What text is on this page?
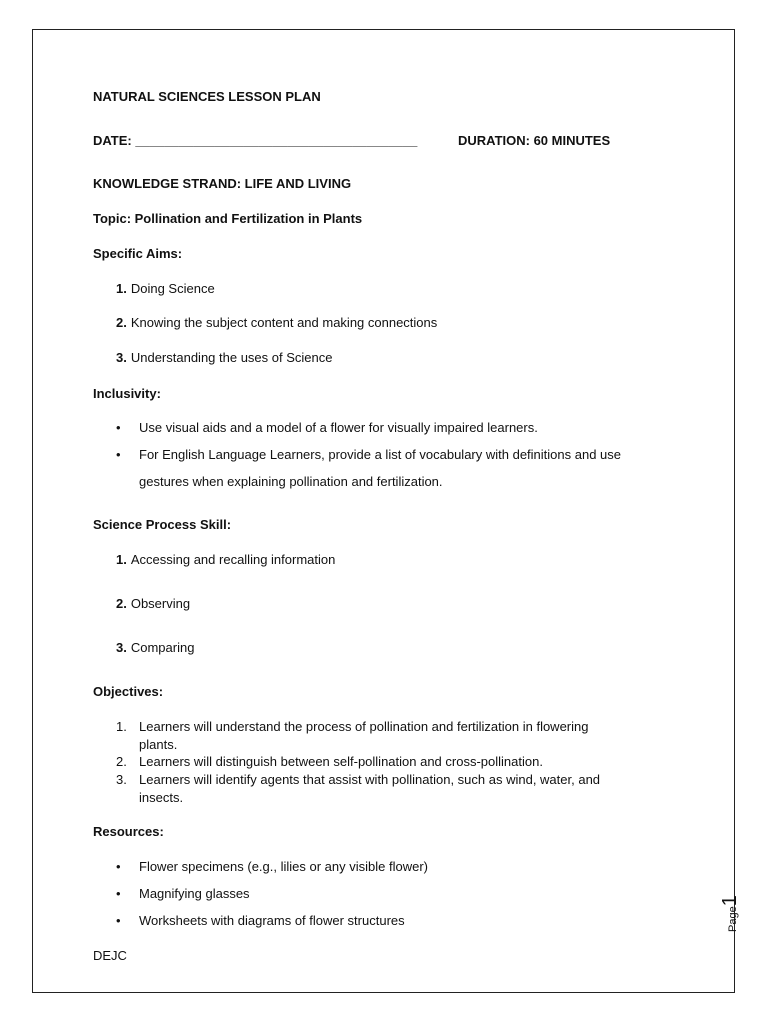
NATURAL SCIENCES LESSON PLAN
DATE: _______________________________________	DURATION: 60 MINUTES
KNOWLEDGE STRAND: LIFE AND LIVING
Topic: Pollination and Fertilization in Plants
Specific Aims:
1. Doing Science
2. Knowing the subject content and making connections
3. Understanding the uses of Science
Inclusivity:
• Use visual aids and a model of a flower for visually impaired learners.
• For English Language Learners, provide a list of vocabulary with definitions and use
gestures when explaining pollination and fertilization.
Science Process Skill:
1. Accessing and recalling information
2. Observing
3. Comparing
Objectives:
1. Learners will understand the process of pollination and fertilization in flowering
plants.
2. Learners will distinguish between self-pollination and cross-pollination.
3. Learners will identify agents that assist with pollination, such as wind, water, and
insects.
Resources:
• Flower specimens (e.g., lilies or any visible flower)
• Magnifying glasses
• Worksheets with diagrams of flower structures
DEJC
Page1
